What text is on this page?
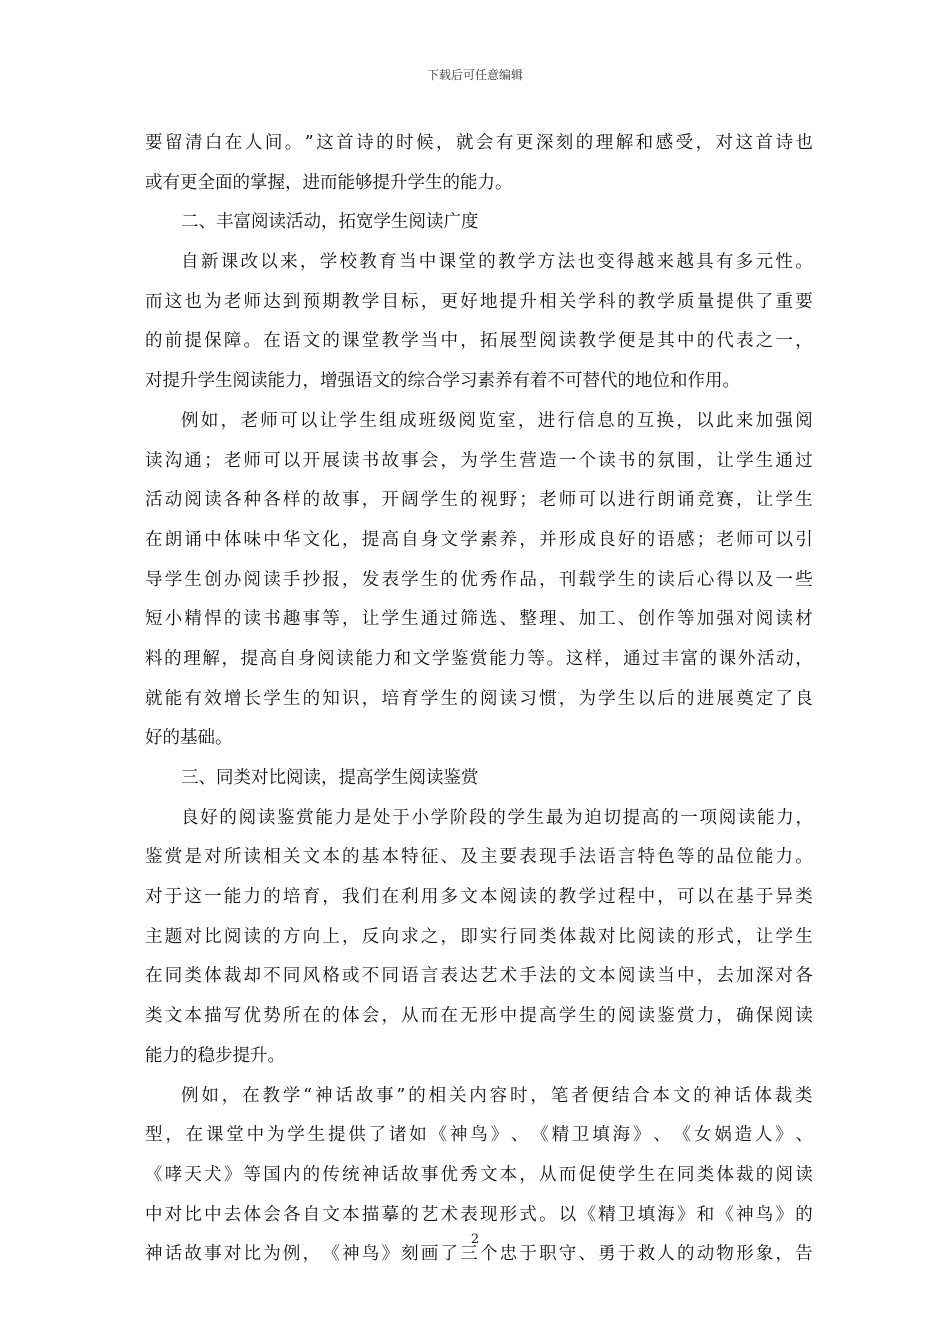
下载后可任意编辑
要 留 清 白 在 人 间 。 ” 这 首 诗 的 时 候 ， 就 会 有 更 深 刻 的 理 解 和 感 受 ， 对 这 首 诗 也
或有更全面的掌握，进而能够提升学生的能力。
二、丰富阅读活动，拓宽学生阅读广度
自 新 课 改 以 来 ， 学 校 教 育 当 中 课 堂 的 教 学 方 法 也 变 得 越 来 越 具 有 多 元 性 。
而 这 也 为 老 师 达 到 预 期 教 学 目 标 ， 更 好 地 提 升 相 关 学 科 的 教 学 质 量 提 供 了 重 要
的 前 提 保 障 。 在 语 文 的 课 堂 教 学 当 中 ， 拓 展 型 阅 读 教 学 便 是 其 中 的 代 表 之 一 ，
对提升学生阅读能力，增强语文的综合学习素养有着不可替代的地位和作用。
例 如 ， 老 师 可 以 让 学 生 组 成 班 级 阅 览 室 ， 进 行 信 息 的 互 换 ， 以 此 来 加 强 阅
读 沟 通 ； 老 师 可 以 开 展 读 书 故 事 会 ， 为 学 生 营 造 一 个 读 书 的 氛 围 ， 让 学 生 通 过
活 动 阅 读 各 种 各 样 的 故 事 ， 开 阔 学 生 的 视 野 ； 老 师 可 以 进 行 朗 诵 竞 赛 ， 让 学 生
在 朗 诵 中 体 味 中 华 文 化 ， 提 高 自 身 文 学 素 养 ， 并 形 成 良 好 的 语 感 ； 老 师 可 以 引
导 学 生 创 办 阅 读 手 抄 报 ， 发 表 学 生 的 优 秀 作 品 ， 刊 载 学 生 的 读 后 心 得 以 及 一 些
短 小 精 悍 的 读 书 趣 事 等 ， 让 学 生 通 过 筛 选 、 整 理 、 加 工 、 创 作 等 加 强 对 阅 读 材
料 的 理 解 ， 提 高 自 身 阅 读 能 力 和 文 学 鉴 赏 能 力 等 。 这 样 ， 通 过 丰 富 的 课 外 活 动 ，
就 能 有 效 增 长 学 生 的 知 识 ， 培 育 学 生 的 阅 读 习 惯 ， 为 学 生 以 后 的 进 展 奠 定 了 良
好的基础。
三、同类对比阅读，提高学生阅读鉴赏
良 好 的 阅 读 鉴 赏 能 力 是 处 于 小 学 阶 段 的 学 生 最 为 迫 切 提 高 的 一 项 阅 读 能 力 ，
鉴 赏 是 对 所 读 相 关 文 本 的 基 本 特 征 、 及 主 要 表 现 手 法 语 言 特 色 等 的 品 位 能 力 。
对 于 这 一 能 力 的 培 育 ， 我 们 在 利 用 多 文 本 阅 读 的 教 学 过 程 中 ， 可 以 在 基 于 异 类
主 题 对 比 阅 读 的 方 向 上 ， 反 向 求 之 ， 即 实 行 同 类 体 裁 对 比 阅 读 的 形 式 ， 让 学 生
在 同 类 体 裁 却 不 同 风 格 或 不 同 语 言 表 达 艺 术 手 法 的 文 本 阅 读 当 中 ， 去 加 深 对 各
类 文 本 描 写 优 势 所 在 的 体 会 ， 从 而 在 无 形 中 提 高 学 生 的 阅 读 鉴 赏 力 ， 确 保 阅 读
能力的稳步提升。
例 如 ， 在 教 学 “ 神 话 故 事 ” 的 相 关 内 容 时 ， 笔 者 便 结 合 本 文 的 神 话 体 裁 类
型 ， 在 课 堂 中 为 学 生 提 供 了 诸 如 《 神 鸟 》 、 《 精 卫 填 海 》 、 《 女 娲 造 人 》 、
《 哮 天 犬 》 等 国 内 的 传 统 神 话 故 事 优 秀 文 本 ， 从 而 促 使 学 生 在 同 类 体 裁 的 阅 读
中 对 比 中 去 体 会 各 自 文 本 描 摹 的 艺 术 表 现 形 式 。 以 《 精 卫 填 海 》 和 《 神 鸟 》 的
神 话 故 事 对 比 为 例 ， 《 神 鸟 》 刻 画 了 三 个 忠 于 职 守 、 勇 于 救 人 的 动 物 形 象 ， 告
2
